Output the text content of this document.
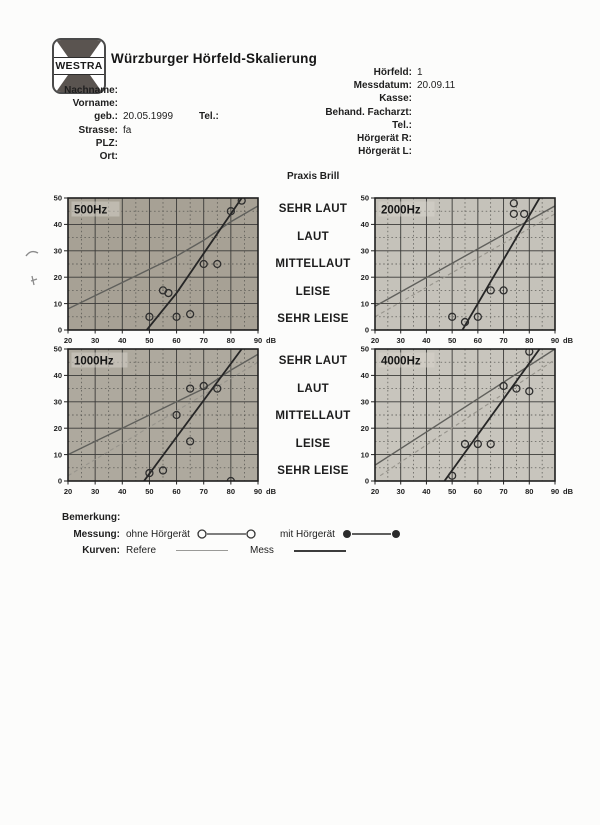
WESTRA Würzburger Hörfeld-Skalierung
Nachname:
Vorname:
geb.: 20.05.1999	Tel.:
Strasse: fa
PLZ:
Ort:
Hörfeld: 1
Messdatum: 20.09.11
Kasse:
Behand. Facharzt:
Tel.:
Hörgerät R:
Hörgerät L:
Praxis Brill
500Hz
0
10
20
30
40
50
20	30	40	50	60	70	80	90 dB
2000Hz
0
10
20
30
40
50
20 30 40 50 60 70 80 90 dB
1000Hz
0
10
20
30
40
50
20	30	40	50	60	70	80	90 dB
4000Hz
0
10
20
30
40
50
20 30 40 50 60 70 80 90 dB
SEHR LAUT
LAUT
MITTELLAUT
LEISE
SEHR LEISE
SEHR LAUT
LAUT
MITTELLAUT
LEISE
SEHR LEISE
Bemerkung:
Messung: ohne Hörgerät	mit Hörgerät
Kurven: Refere	Mess
